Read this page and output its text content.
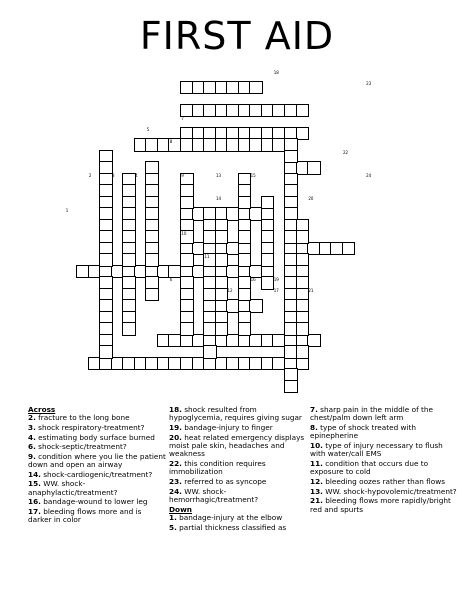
FIRST AID
1
2	3	4
5
6
7
8
9
10
11
12
13
14
15
16
17
18
19
20
21
22
23
24
Across
2. fracture to the long bone
3. shock respiratory-treatment?
4. estimating body surface burned
6. shock-septic/treatment?
9. condition where you lie the patient down and open an airway
14. shock-cardiogenic/treatment?
15. WW. shock-anaphylactic/treatment?
16. bandage-wound to lower leg
17. bleeding flows more and is darker in color
18. shock resulted from hypoglycemia, requires giving sugar
19. bandage-injury to finger
20. heat related emergency displays moist pale skin, headaches and weakness
22. this condition requires immobilization
23. referred to as syncope
24. WW. shock-hemorrhagic/treatment?
Down
1. bandage-injury at the elbow
5. partial thickness classified as
7. sharp pain in the middle of the chest/palm down left arm
8. type of shock treated with epinepherine
10. type of injury necessary to flush with water/call EMS
11. condition that occurs due to exposure to cold
12. bleeding oozes rather than flows
13. WW. shock-hypovolemic/treatment?
21. bleeding flows more rapidly/bright red and spurts
